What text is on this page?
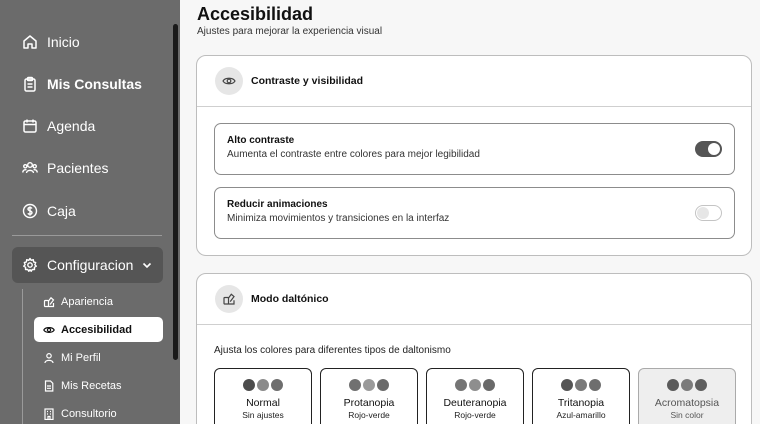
Inicio
Mis Consultas
Agenda
Pacientes
Caja
Configuracion
Apariencia
Accesibilidad
Mi Perfil
Mis Recetas
Consultorio
Accesibilidad
Ajustes para mejorar la experiencia visual
Contraste y visibilidad
Alto contraste
Aumenta el contraste entre colores para mejor legibilidad
Reducir animaciones
Minimiza movimientos y transiciones en la interfaz
Modo daltónico
Ajusta los colores para diferentes tipos de daltonismo
Normal
Sin ajustes
Protanopia
Rojo-verde
Deuteranopia
Rojo-verde
Tritanopia
Azul-amarillo
Acromatopsia
Sin color
